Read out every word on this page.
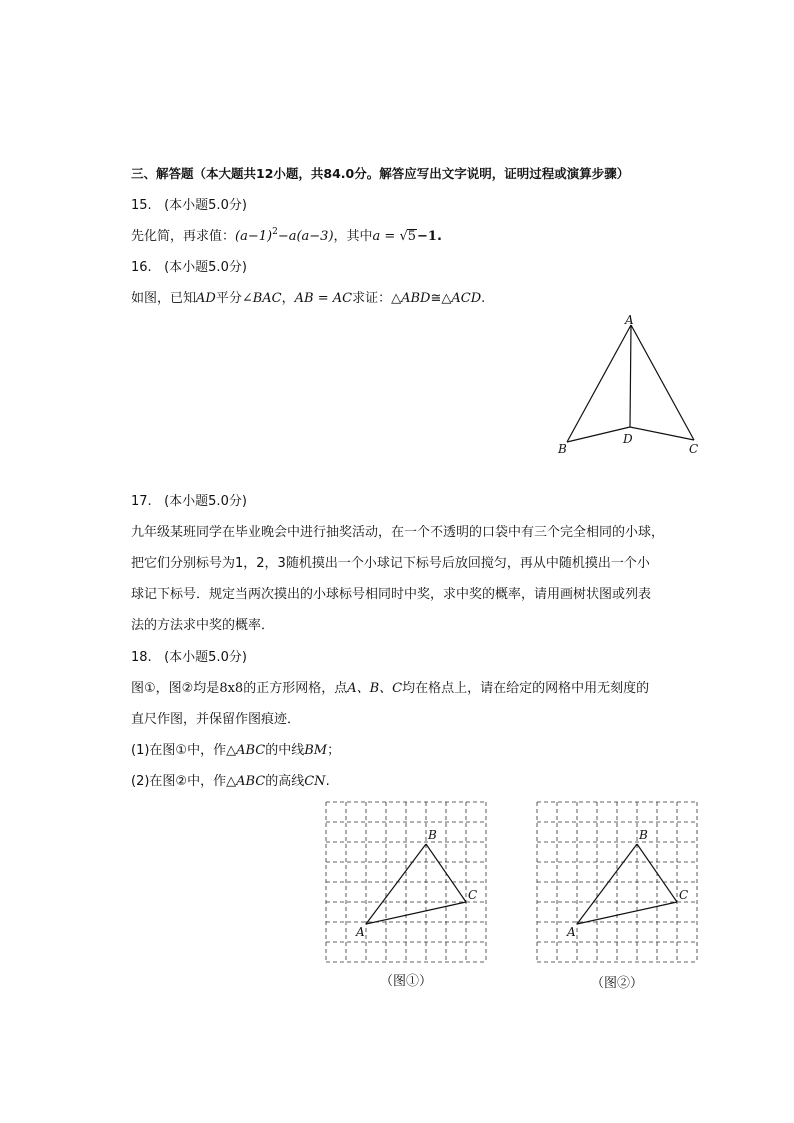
三、解答题（本大题共12小题，共84.0分。解答应写出文字说明，证明过程或演算步骤）
15. (本小题5.0分)
先化简，再求值：$(a-1)^2-a(a-3)$，其中a = √5−1.
16. (本小题5.0分)
如图，已知AD平分∠BAC，AB = AC求证：△ABD≅△ACD.
A
B
D
C
17. (本小题5.0分)
九年级某班同学在毕业晚会中进行抽奖活动，在一个不透明的口袋中有三个完全相同的小球，
把它们分别标号为1，2，3随机摸出一个小球记下标号后放回搅匀，再从中随机摸出一个小
球记下标号．规定当两次摸出的小球标号相同时中奖，求中奖的概率，请用画树状图或列表
法的方法求中奖的概率．
18. (本小题5.0分)
图①，图②均是8x8的正方形网格，点A、B、C均在格点上，请在给定的网格中用无刻度的
直尺作图，并保留作图痕迹．
(1)在图①中，作△ABC的中线BM；
(2)在图②中，作△ABC的高线CN.
A
B
C
（图①）
A
B
C
（图②）
